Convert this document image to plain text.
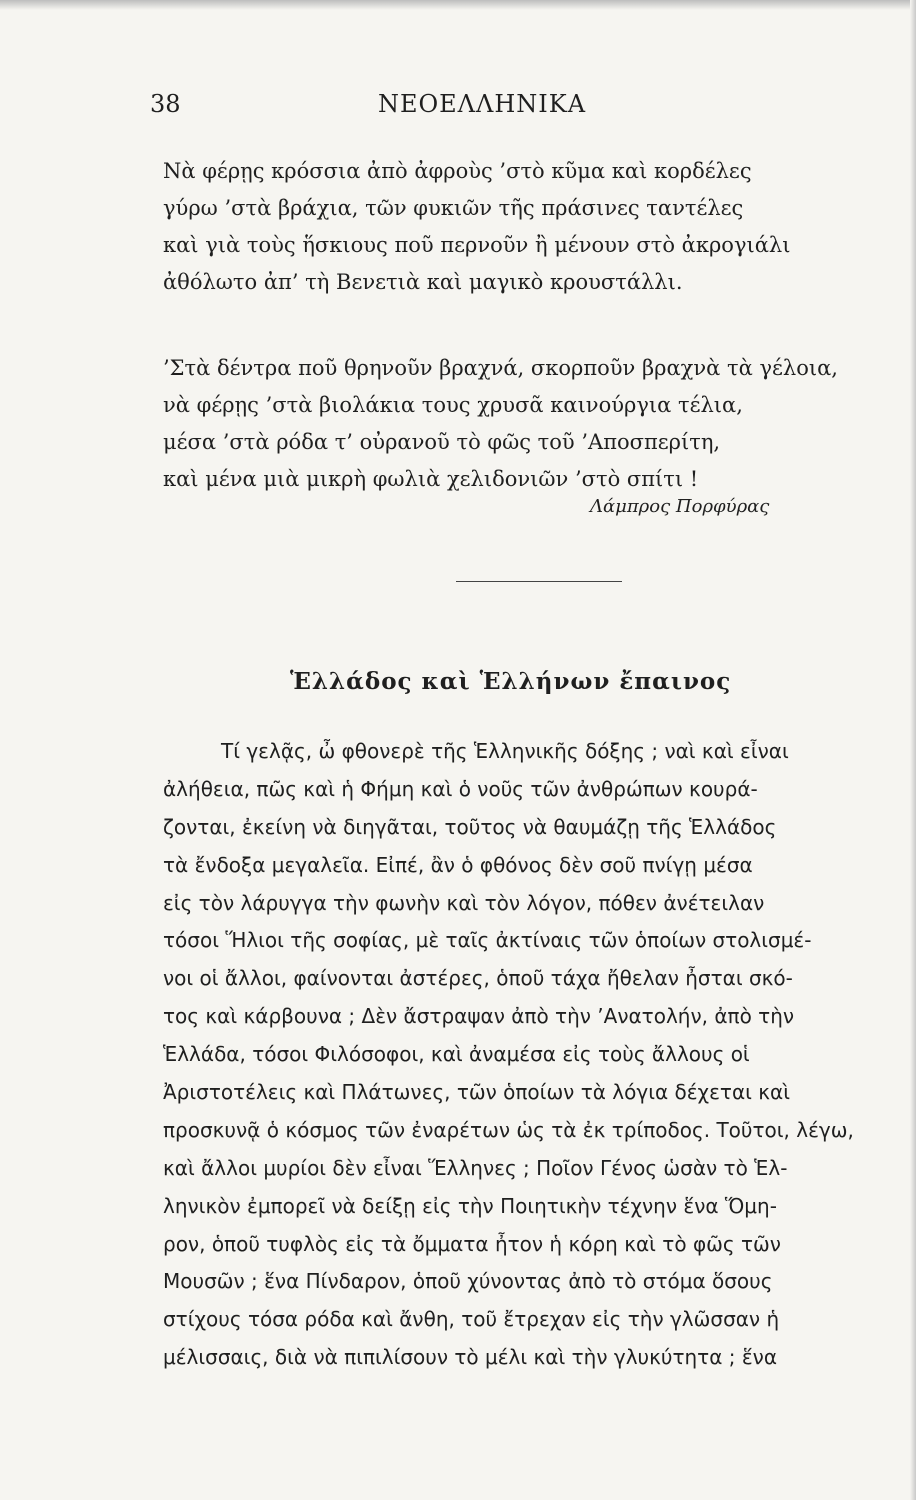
38	ΝΕΟΕΛΛΗΝΙΚΑ
Νὰ φέρῃς κρόσσια ἀπὸ ἀφροὺς ’στὸ κῦμα καὶ κορδέλες
γύρω ’στὰ βράχια, τῶν φυκιῶν τῆς πράσινες ταντέλες
καὶ γιὰ τοὺς ἥσκιους ποῦ περνοῦν ἢ μένουν στὸ ἀκρογιάλι
ἀθόλωτο ἀπ’ τὴ Βενετιὰ καὶ μαγικὸ κρουστάλλι.
’Στὰ δέντρα ποῦ θρηνοῦν βραχνά, σκορποῦν βραχνὰ τὰ γέλοια,
νὰ φέρῃς ’στὰ βιολάκια τους χρυσᾶ καινούργια τέλια,
μέσα ’στὰ ρόδα τ’ οὐρανοῦ τὸ φῶς τοῦ ’Αποσπερίτη,
καὶ μένα μιὰ μικρὴ φωλιὰ χελιδονιῶν ’στὸ σπίτι !
Λάμπρος Πορφύρας
Ἑλλάδος καὶ Ἑλλήνων ἔπαινος
Τί γελᾷς, ὦ φθονερὲ τῆς Ἑλληνικῆς δόξης ; ναὶ καὶ εἶναι
ἀλήθεια, πῶς καὶ ἡ Φήμη καὶ ὁ νοῦς τῶν ἀνθρώπων κουρά-
ζονται, ἐκείνη νὰ διηγᾶται, τοῦτος νὰ θαυμάζῃ τῆς Ἑλλάδος
τὰ ἔνδοξα μεγαλεῖα. Εἰπέ, ἂν ὁ φθόνος δὲν σοῦ πνίγῃ μέσα
εἰς τὸν λάρυγγα τὴν φωνὴν καὶ τὸν λόγον, πόθεν ἀνέτειλαν
τόσοι Ἥλιοι τῆς σοφίας, μὲ ταῖς ἀκτίναις τῶν ὁποίων στολισμέ-
νοι οἱ ἄλλοι, φαίνονται ἀστέρες, ὁποῦ τάχα ἤθελαν ἦσται σκό-
τος καὶ κάρβουνα ; Δὲν ἄστραψαν ἀπὸ τὴν ’Ανατολήν, ἀπὸ τὴν
Ἑλλάδα, τόσοι Φιλόσοφοι, καὶ ἀναμέσα εἰς τοὺς ἄλλους οἱ
Ἀριστοτέλεις καὶ Πλάτωνες, τῶν ὁποίων τὰ λόγια δέχεται καὶ
προσκυνᾷ ὁ κόσμος τῶν ἐναρέτων ὡς τὰ ἐκ τρίποδος. Τοῦτοι, λέγω,
καὶ ἄλλοι μυρίοι δὲν εἶναι Ἕλληνες ; Ποῖον Γένος ὡσὰν τὸ Ἑλ-
ληνικὸν ἐμπορεῖ νὰ δείξῃ εἰς τὴν Ποιητικὴν τέχνην ἕνα Ὅμη-
ρον, ὁποῦ τυφλὸς εἰς τὰ ὄμματα ἦτον ἡ κόρη καὶ τὸ φῶς τῶν
Μουσῶν ; ἕνα Πίνδαρον, ὁποῦ χύνοντας ἀπὸ τὸ στόμα ὅσους
στίχους τόσα ρόδα καὶ ἄνθη, τοῦ ἔτρεχαν εἰς τὴν γλῶσσαν ἡ
μέλισσαις, διὰ νὰ πιπιλίσουν τὸ μέλι καὶ τὴν γλυκύτητα ; ἕνα
